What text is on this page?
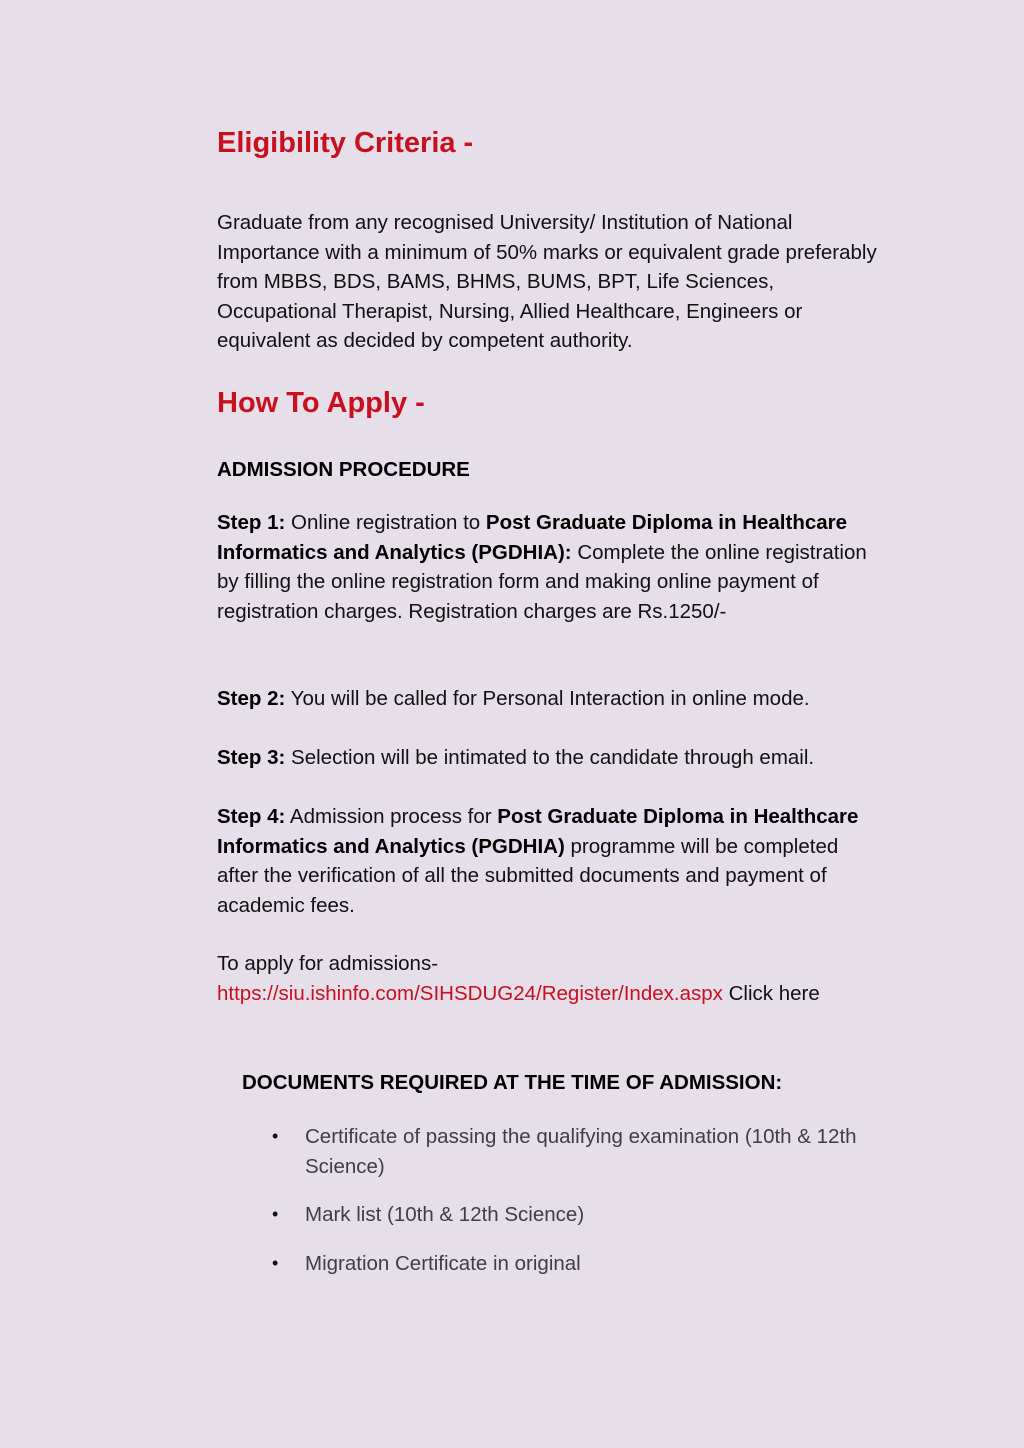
Eligibility Criteria -

Graduate from any recognised University/ Institution of National Importance with a minimum of 50% marks or equivalent grade preferably from MBBS, BDS, BAMS, BHMS, BUMS, BPT, Life Sciences, Occupational Therapist, Nursing, Allied Healthcare, Engineers or equivalent as decided by competent authority.

How To Apply -

ADMISSION PROCEDURE

Step 1: Online registration to Post Graduate Diploma in Healthcare Informatics and Analytics (PGDHIA): Complete the online registration by filling the online registration form and making online payment of registration charges. Registration charges are Rs.1250/-

Step 2: You will be called for Personal Interaction in online mode.

Step 3: Selection will be intimated to the candidate through email.

Step 4: Admission process for Post Graduate Diploma in Healthcare Informatics and Analytics (PGDHIA) programme will be completed after the verification of all the submitted documents and payment of academic fees.

To apply for admissions-
https://siu.ishinfo.com/SIHSDUG24/Register/Index.aspx Click here

DOCUMENTS REQUIRED AT THE TIME OF ADMISSION:

• Certificate of passing the qualifying examination (10th & 12th Science)
• Mark list (10th & 12th Science)
• Migration Certificate in original
